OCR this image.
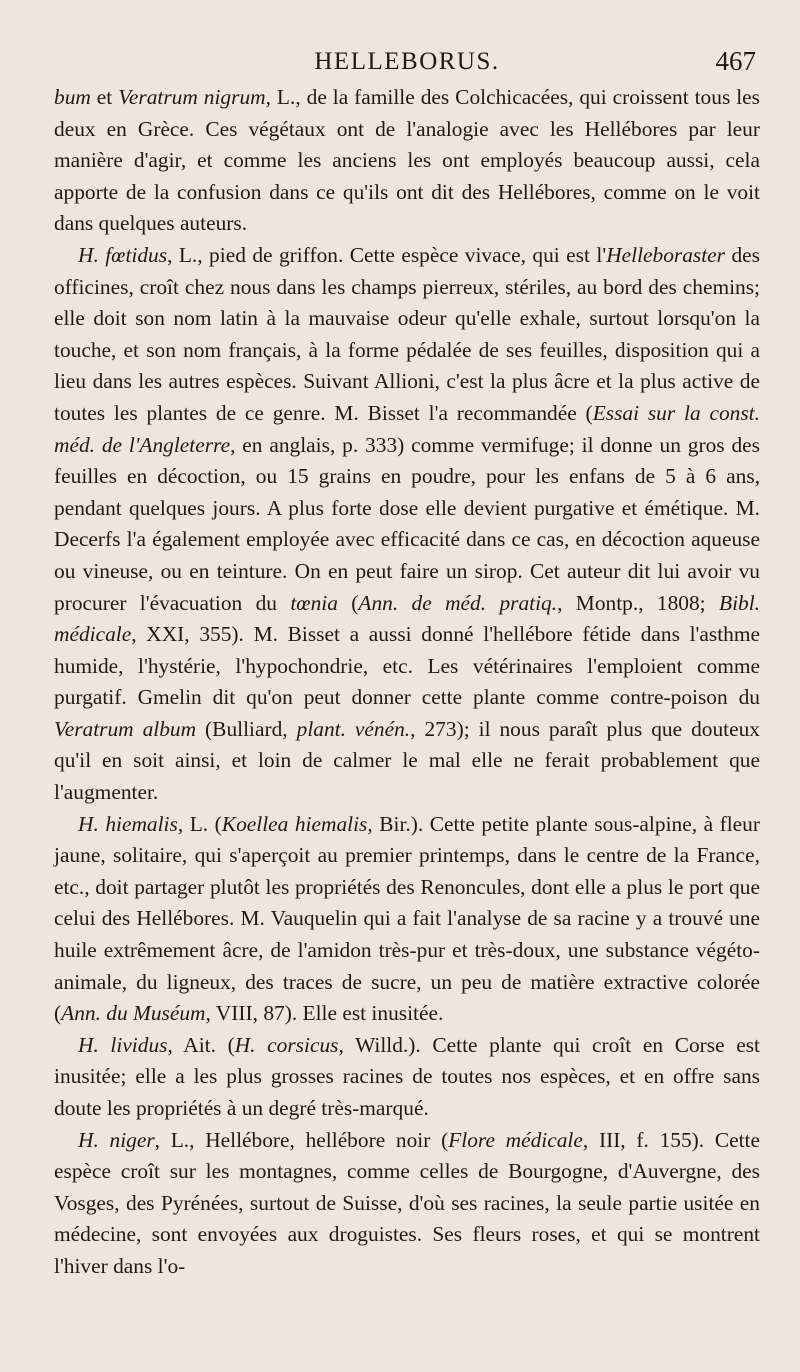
HELLEBORUS.	467

bum et Veratrum nigrum, L., de la famille des Colchicacées, qui croissent tous les deux en Grèce. Ces végétaux ont de l'analogie avec les Hellébores par leur manière d'agir, et comme les anciens les ont employés beaucoup aussi, cela apporte de la confusion dans ce qu'ils ont dit des Hellébores, comme on le voit dans quelques auteurs.

H. fœtidus, L., pied de griffon. Cette espèce vivace, qui est l'Helleboraster des officines, croît chez nous dans les champs pierreux, stériles, au bord des chemins; elle doit son nom latin à la mauvaise odeur qu'elle exhale, surtout lorsqu'on la touche, et son nom français, à la forme pédalée de ses feuilles, disposition qui a lieu dans les autres espèces. Suivant Allioni, c'est la plus âcre et la plus active de toutes les plantes de ce genre. M. Bisset l'a recommandée (Essai sur la const. méd. de l'Angleterre, en anglais, p. 333) comme vermifuge; il donne un gros des feuilles en décoction, ou 15 grains en poudre, pour les enfans de 5 à 6 ans, pendant quelques jours. A plus forte dose elle devient purgative et émétique. M. Decerfs l'a également employée avec efficacité dans ce cas, en décoction aqueuse ou vineuse, ou en teinture. On en peut faire un sirop. Cet auteur dit lui avoir vu procurer l'évacuation du tœnia (Ann. de méd. pratiq., Montp., 1808; Bibl. médicale, XXI, 355). M. Bisset a aussi donné l'hellébore fétide dans l'asthme humide, l'hystérie, l'hypochondrie, etc. Les vétérinaires l'emploient comme purgatif. Gmelin dit qu'on peut donner cette plante comme contre-poison du Veratrum album (Bulliard, plant. vénén., 273); il nous paraît plus que douteux qu'il en soit ainsi, et loin de calmer le mal elle ne ferait probablement que l'augmenter.

H. hiemalis, L. (Koellea hiemalis, Bir.). Cette petite plante sous-alpine, à fleur jaune, solitaire, qui s'aperçoit au premier printemps, dans le centre de la France, etc., doit partager plutôt les propriétés des Renoncules, dont elle a plus le port que celui des Hellébores. M. Vauquelin qui a fait l'analyse de sa racine y a trouvé une huile extrêmement âcre, de l'amidon très-pur et très-doux, une substance végéto-animale, du ligneux, des traces de sucre, un peu de matière extractive colorée (Ann. du Muséum, VIII, 87). Elle est inusitée.

H. lividus, Ait. (H. corsicus, Willd.). Cette plante qui croît en Corse est inusitée; elle a les plus grosses racines de toutes nos espèces, et en offre sans doute les propriétés à un degré très-marqué.

H. niger, L., Hellébore, hellébore noir (Flore médicale, III, f. 155). Cette espèce croît sur les montagnes, comme celles de Bourgogne, d'Auvergne, des Vosges, des Pyrénées, surtout de Suisse, d'où ses racines, la seule partie usitée en médecine, sont envoyées aux droguistes. Ses fleurs roses, et qui se montrent l'hiver dans l'o-
